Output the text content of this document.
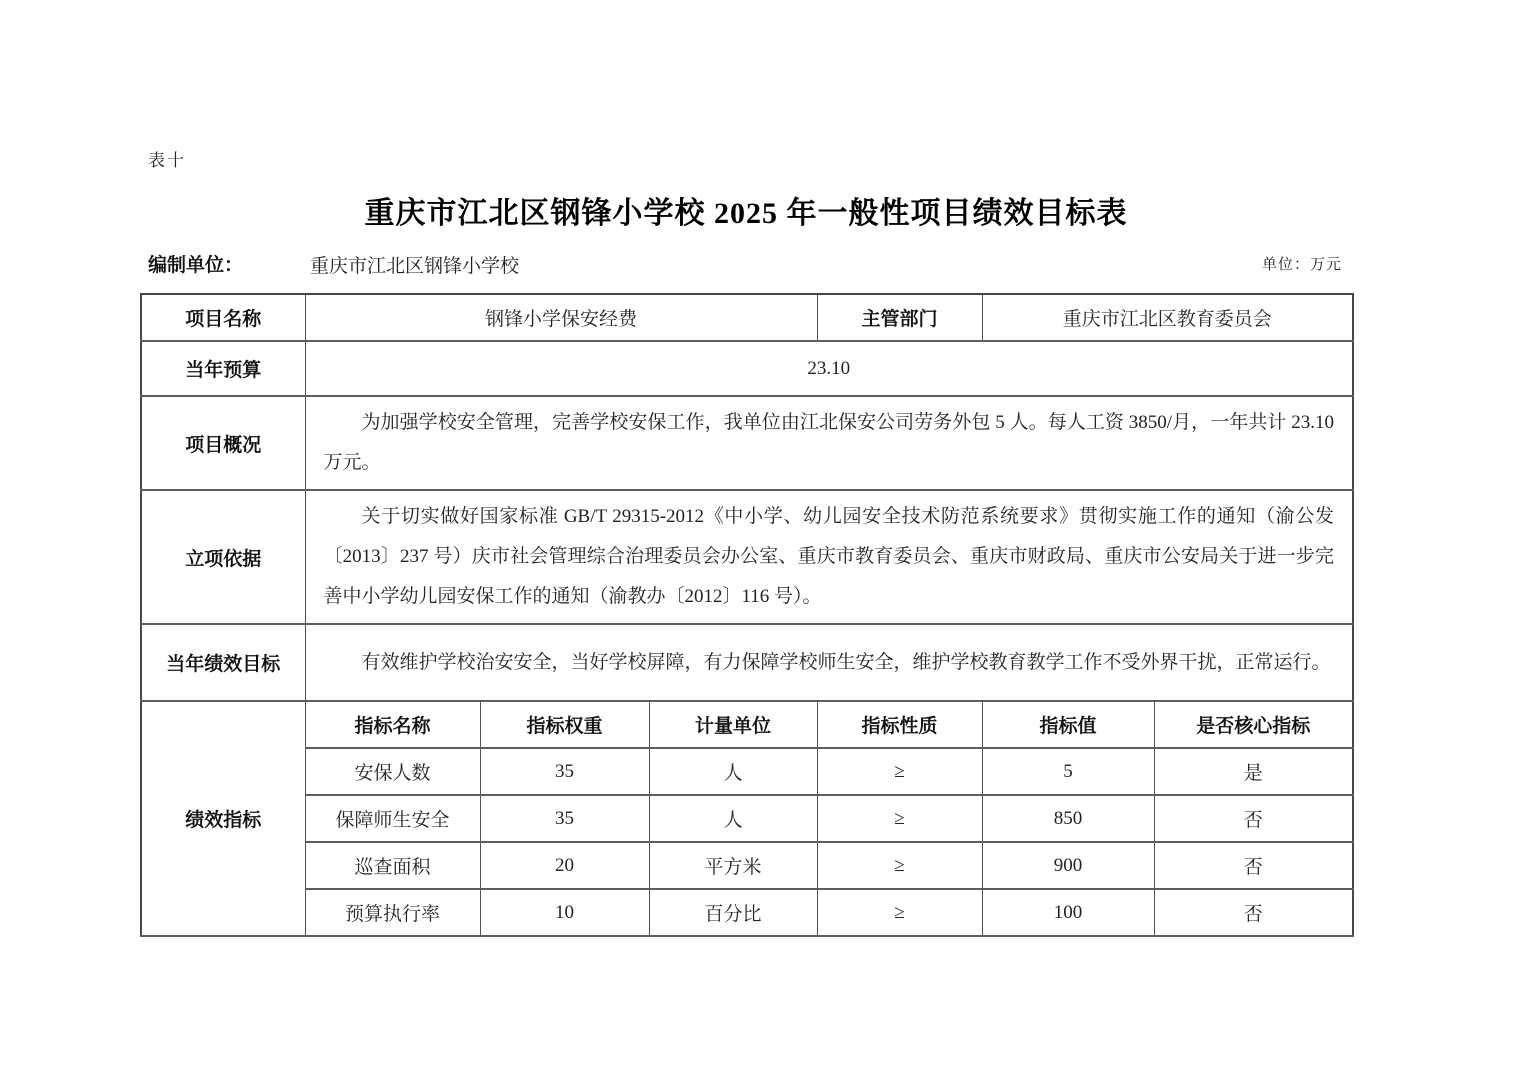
表十
重庆市江北区钢锋小学校 2025 年一般性项目绩效目标表
编制单位：	重庆市江北区钢锋小学校	单位：万元
项目名称	钢锋小学保安经费			主管部门	重庆市江北区教育委员会	
当年预算	23.10					
项目概况	为加强学校安全管理，完善学校安保工作，我单位由江北保安公司劳务外包 5 人。每人工资 3850/月，一年共计 23.10 万元。					
立项依据	关于切实做好国家标准 GB/T 29315-2012《中小学、幼儿园安全技术防范系统要求》贯彻实施工作的通知（渝公发〔2013〕237 号）庆市社会管理综合治理委员会办公室、重庆市教育委员会、重庆市财政局、重庆市公安局关于进一步完善中小学幼儿园安保工作的通知（渝教办〔2012〕116 号）。					
当年绩效目标	有效维护学校治安安全，当好学校屏障，有力保障学校师生安全，维护学校教育教学工作不受外界干扰，正常运行。					
绩效指标	指标名称	指标权重	计量单位	指标性质	指标值	是否核心指标
	安保人数	35	人	≥	5	是
	保障师生安全	35	人	≥	850	否
	巡查面积	20	平方米	≥	900	否
	预算执行率	10	百分比	≥	100	否
